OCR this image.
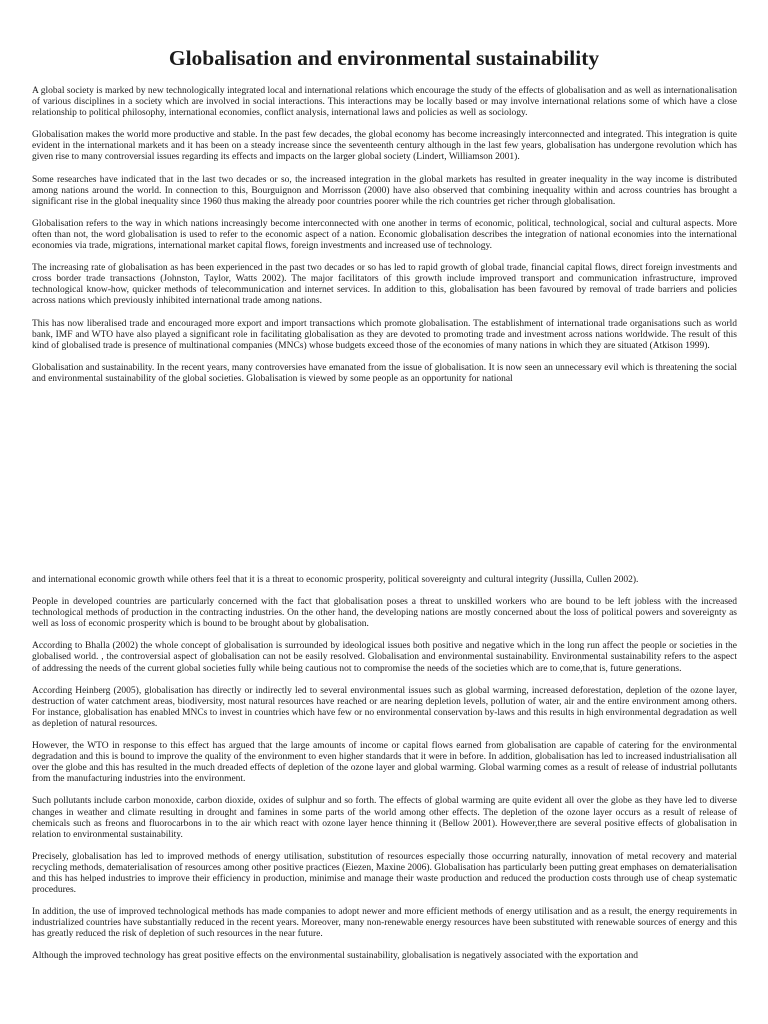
Globalisation and environmental sustainability

A global society is marked by new technologically integrated local and international relations which encourage the study of the effects of globalisation and as well as internationalisation of various disciplines in a society which are involved in social interactions. This interactions may be locally based or may involve international relations some of which have a close relationship to political philosophy, international economies, conflict analysis, international laws and policies as well as sociology.

Globalisation makes the world more productive and stable. In the past few decades, the global economy has become increasingly interconnected and integrated. This integration is quite evident in the international markets and it has been on a steady increase since the seventeenth century although in the last few years, globalisation has undergone revolution which has given rise to many controversial issues regarding its effects and impacts on the larger global society (Lindert, Williamson 2001).

Some researches have indicated that in the last two decades or so, the increased integration in the global markets has resulted in greater inequality in the way income is distributed among nations around the world. In connection to this, Bourguignon and Morrisson (2000) have also observed that combining inequality within and across countries has brought a significant rise in the global inequality since 1960 thus making the already poor countries poorer while the rich countries get richer through globalisation.

Globalisation refers to the way in which nations increasingly become interconnected with one another in terms of economic, political, technological, social and cultural aspects. More often than not, the word globalisation is used to refer to the economic aspect of a nation. Economic globalisation describes the integration of national economies into the international economies via trade, migrations, international market capital flows, foreign investments and increased use of technology.

The increasing rate of globalisation as has been experienced in the past two decades or so has led to rapid growth of global trade, financial capital flows, direct foreign investments and cross border trade transactions (Johnston, Taylor, Watts 2002). The major facilitators of this growth include improved transport and communication infrastructure, improved technological know-how, quicker methods of telecommunication and internet services. In addition to this, globalisation has been favoured by removal of trade barriers and policies across nations which previously inhibited international trade among nations.

This has now liberalised trade and encouraged more export and import transactions which promote globalisation. The establishment of international trade organisations such as world bank, IMF and WTO have also played a significant role in facilitating globalisation as they are devoted to promoting trade and investment across nations worldwide. The result of this kind of globalised trade is presence of multinational companies (MNCs) whose budgets exceed those of the economies of many nations in which they are situated (Atkison 1999).

Globalisation and sustainability. In the recent years, many controversies have emanated from the issue of globalisation. It is now seen an unnecessary evil which is threatening the social and environmental sustainability of the global societies. Globalisation is viewed by some people as an opportunity for national

and international economic growth while others feel that it is a threat to economic prosperity, political sovereignty and cultural integrity (Jussilla, Cullen 2002).

People in developed countries are particularly concerned with the fact that globalisation poses a threat to unskilled workers who are bound to be left jobless with the increased technological methods of production in the contracting industries. On the other hand, the developing nations are mostly concerned about the loss of political powers and sovereignty as well as loss of economic prosperity which is bound to be brought about by globalisation.

According to Bhalla (2002) the whole concept of globalisation is surrounded by ideological issues both positive and negative which in the long run affect the people or societies in the globalised world. , the controversial aspect of globalisation can not be easily resolved. Globalisation and environmental sustainability. Environmental sustainability refers to the aspect of addressing the needs of the current global societies fully while being cautious not to compromise the needs of the societies which are to come,that is, future generations.

According Heinberg (2005), globalisation has directly or indirectly led to several environmental issues such as global warming, increased deforestation, depletion of the ozone layer, destruction of water catchment areas, biodiversity, most natural resources have reached or are nearing depletion levels, pollution of water, air and the entire environment among others. For instance, globalisation has enabled MNCs to invest in countries which have few or no environmental conservation by-laws and this results in high environmental degradation as well as depletion of natural resources.

However, the WTO in response to this effect has argued that the large amounts of income or capital flows earned from globalisation are capable of catering for the environmental degradation and this is bound to improve the quality of the environment to even higher standards that it were in before. In addition, globalisation has led to increased industrialisation all over the globe and this has resulted in the much dreaded effects of depletion of the ozone layer and global warming. Global warming comes as a result of release of industrial pollutants from the manufacturing industries into the environment.

Such pollutants include carbon monoxide, carbon dioxide, oxides of sulphur and so forth. The effects of global warming are quite evident all over the globe as they have led to diverse changes in weather and climate resulting in drought and famines in some parts of the world among other effects. The depletion of the ozone layer occurs as a result of release of chemicals such as freons and fluorocarbons in to the air which react with ozone layer hence thinning it (Bellow 2001). However,there are several positive effects of globalisation in relation to environmental sustainability.

Precisely, globalisation has led to improved methods of energy utilisation, substitution of resources especially those occurring naturally, innovation of metal recovery and material recycling methods, dematerialisation of resources among other positive practices (Eiezen, Maxine 2006). Globalisation has particularly been putting great emphases on dematerialisation and this has helped industries to improve their efficiency in production, minimise and manage their waste production and reduced the production costs through use of cheap systematic procedures.

In addition, the use of improved technological methods has made companies to adopt newer and more efficient methods of energy utilisation and as a result, the energy requirements in industrialized countries have substantially reduced in the recent years. Moreover, many non-renewable energy resources have been substituted with renewable sources of energy and this has greatly reduced the risk of depletion of such resources in the near future.

Although the improved technology has great positive effects on the environmental sustainability, globalisation is negatively associated with the exportation and
